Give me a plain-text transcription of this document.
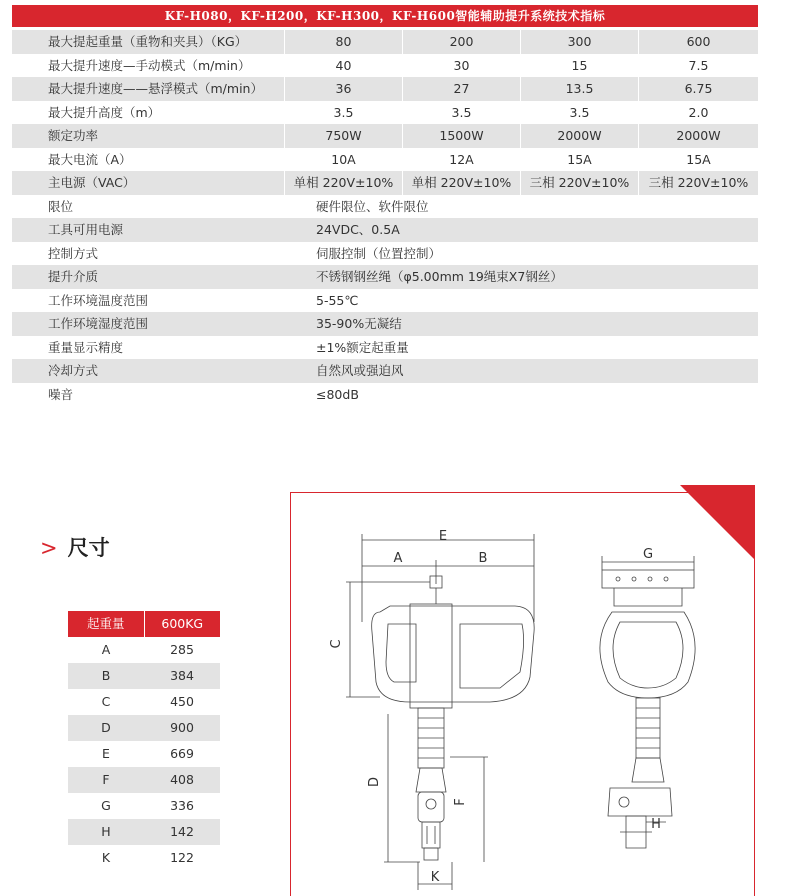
KF-H080，KF-H200，KF-H300，KF-H600智能辅助提升系统技术指标
最大提起重量（重物和夹具）（KG）	80	200	300	600
最大提升速度—手动模式（m/min）	40	30	15	7.5
最大提升速度——悬浮模式（m/min）	36	27	13.5	6.75
最大提升高度（m）	3.5	3.5	3.5	2.0
额定功率	750W	1500W	2000W	2000W
最大电流（A）	10A	12A	15A	15A
主电源（VAC）	单相 220V±10%	单相 220V±10%	三相 220V±10%	三相 220V±10%
限位	硬件限位、软件限位
工具可用电源	24VDC、0.5A
控制方式	伺服控制（位置控制）
提升介质	不锈钢钢丝绳（φ5.00mm 19绳束X7钢丝）
工作环境温度范围	5-55℃
工作环境湿度范围	35-90%无凝结
重量显示精度	±1%额定起重量
冷却方式	自然风或强迫风
噪音	≤80dB
> 尺寸
起重量	600KG
A	285
B	384
C	450
D	900
E	669
F	408
G	336
H	142
K	122
E
A	B
C
D
F
K
G
H
